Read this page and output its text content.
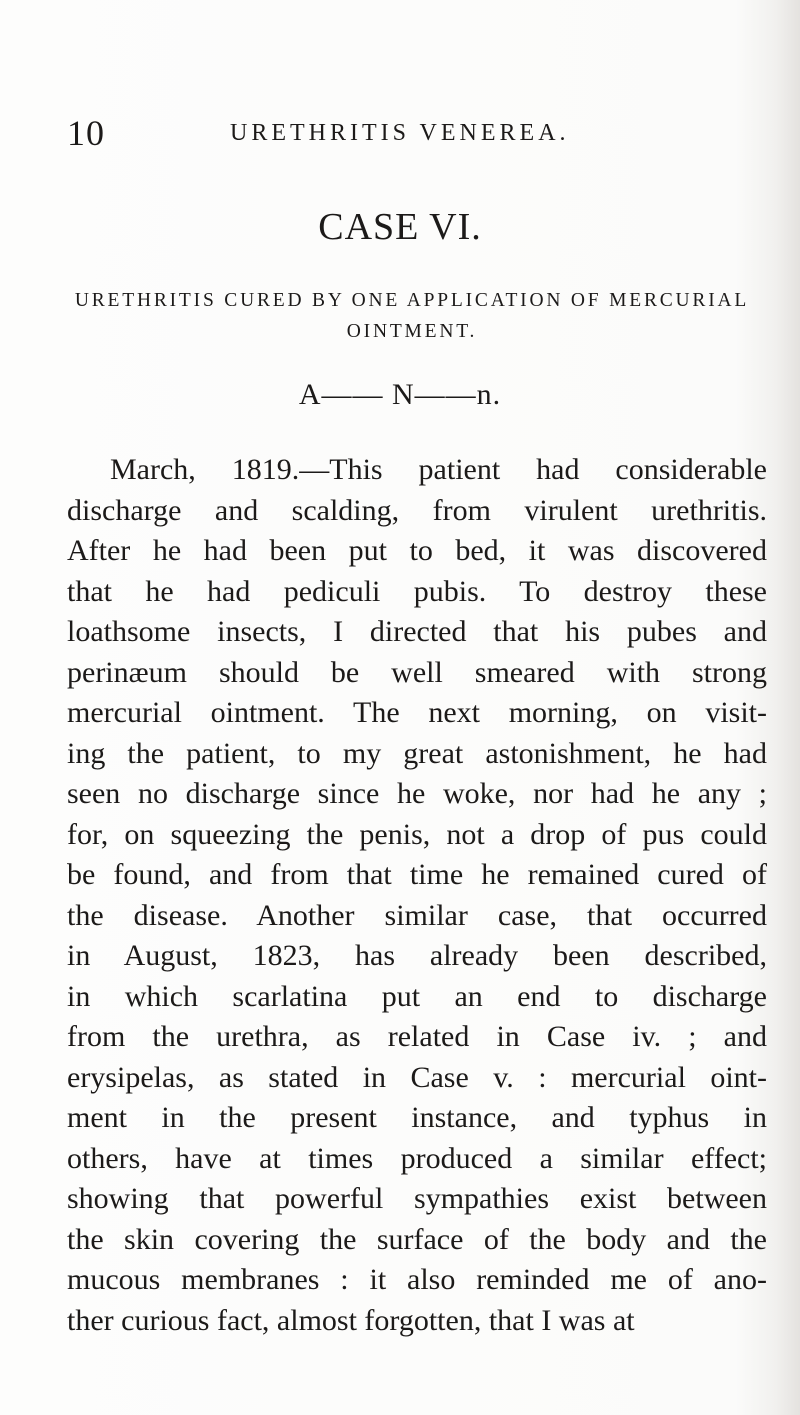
10	URETHRITIS VENEREA.
CASE VI.
URETHRITIS CURED BY ONE APPLICATION OF MERCURIAL OINTMENT.
A—— N——n.
March, 1819.—This patient had considerable
discharge and scalding, from virulent urethritis.
After he had been put to bed, it was discovered
that he had pediculi pubis. To destroy these
loathsome insects, I directed that his pubes and
perinæum should be well smeared with strong
mercurial ointment. The next morning, on visit-
ing the patient, to my great astonishment, he had
seen no discharge since he woke, nor had he any ;
for, on squeezing the penis, not a drop of pus could
be found, and from that time he remained cured of
the disease. Another similar case, that occurred
in August, 1823, has already been described,
in which scarlatina put an end to discharge
from the urethra, as related in Case iv. ; and
erysipelas, as stated in Case v. : mercurial oint-
ment in the present instance, and typhus in
others, have at times produced a similar effect;
showing that powerful sympathies exist between
the skin covering the surface of the body and the
mucous membranes : it also reminded me of ano-
ther curious fact, almost forgotten, that I was at
